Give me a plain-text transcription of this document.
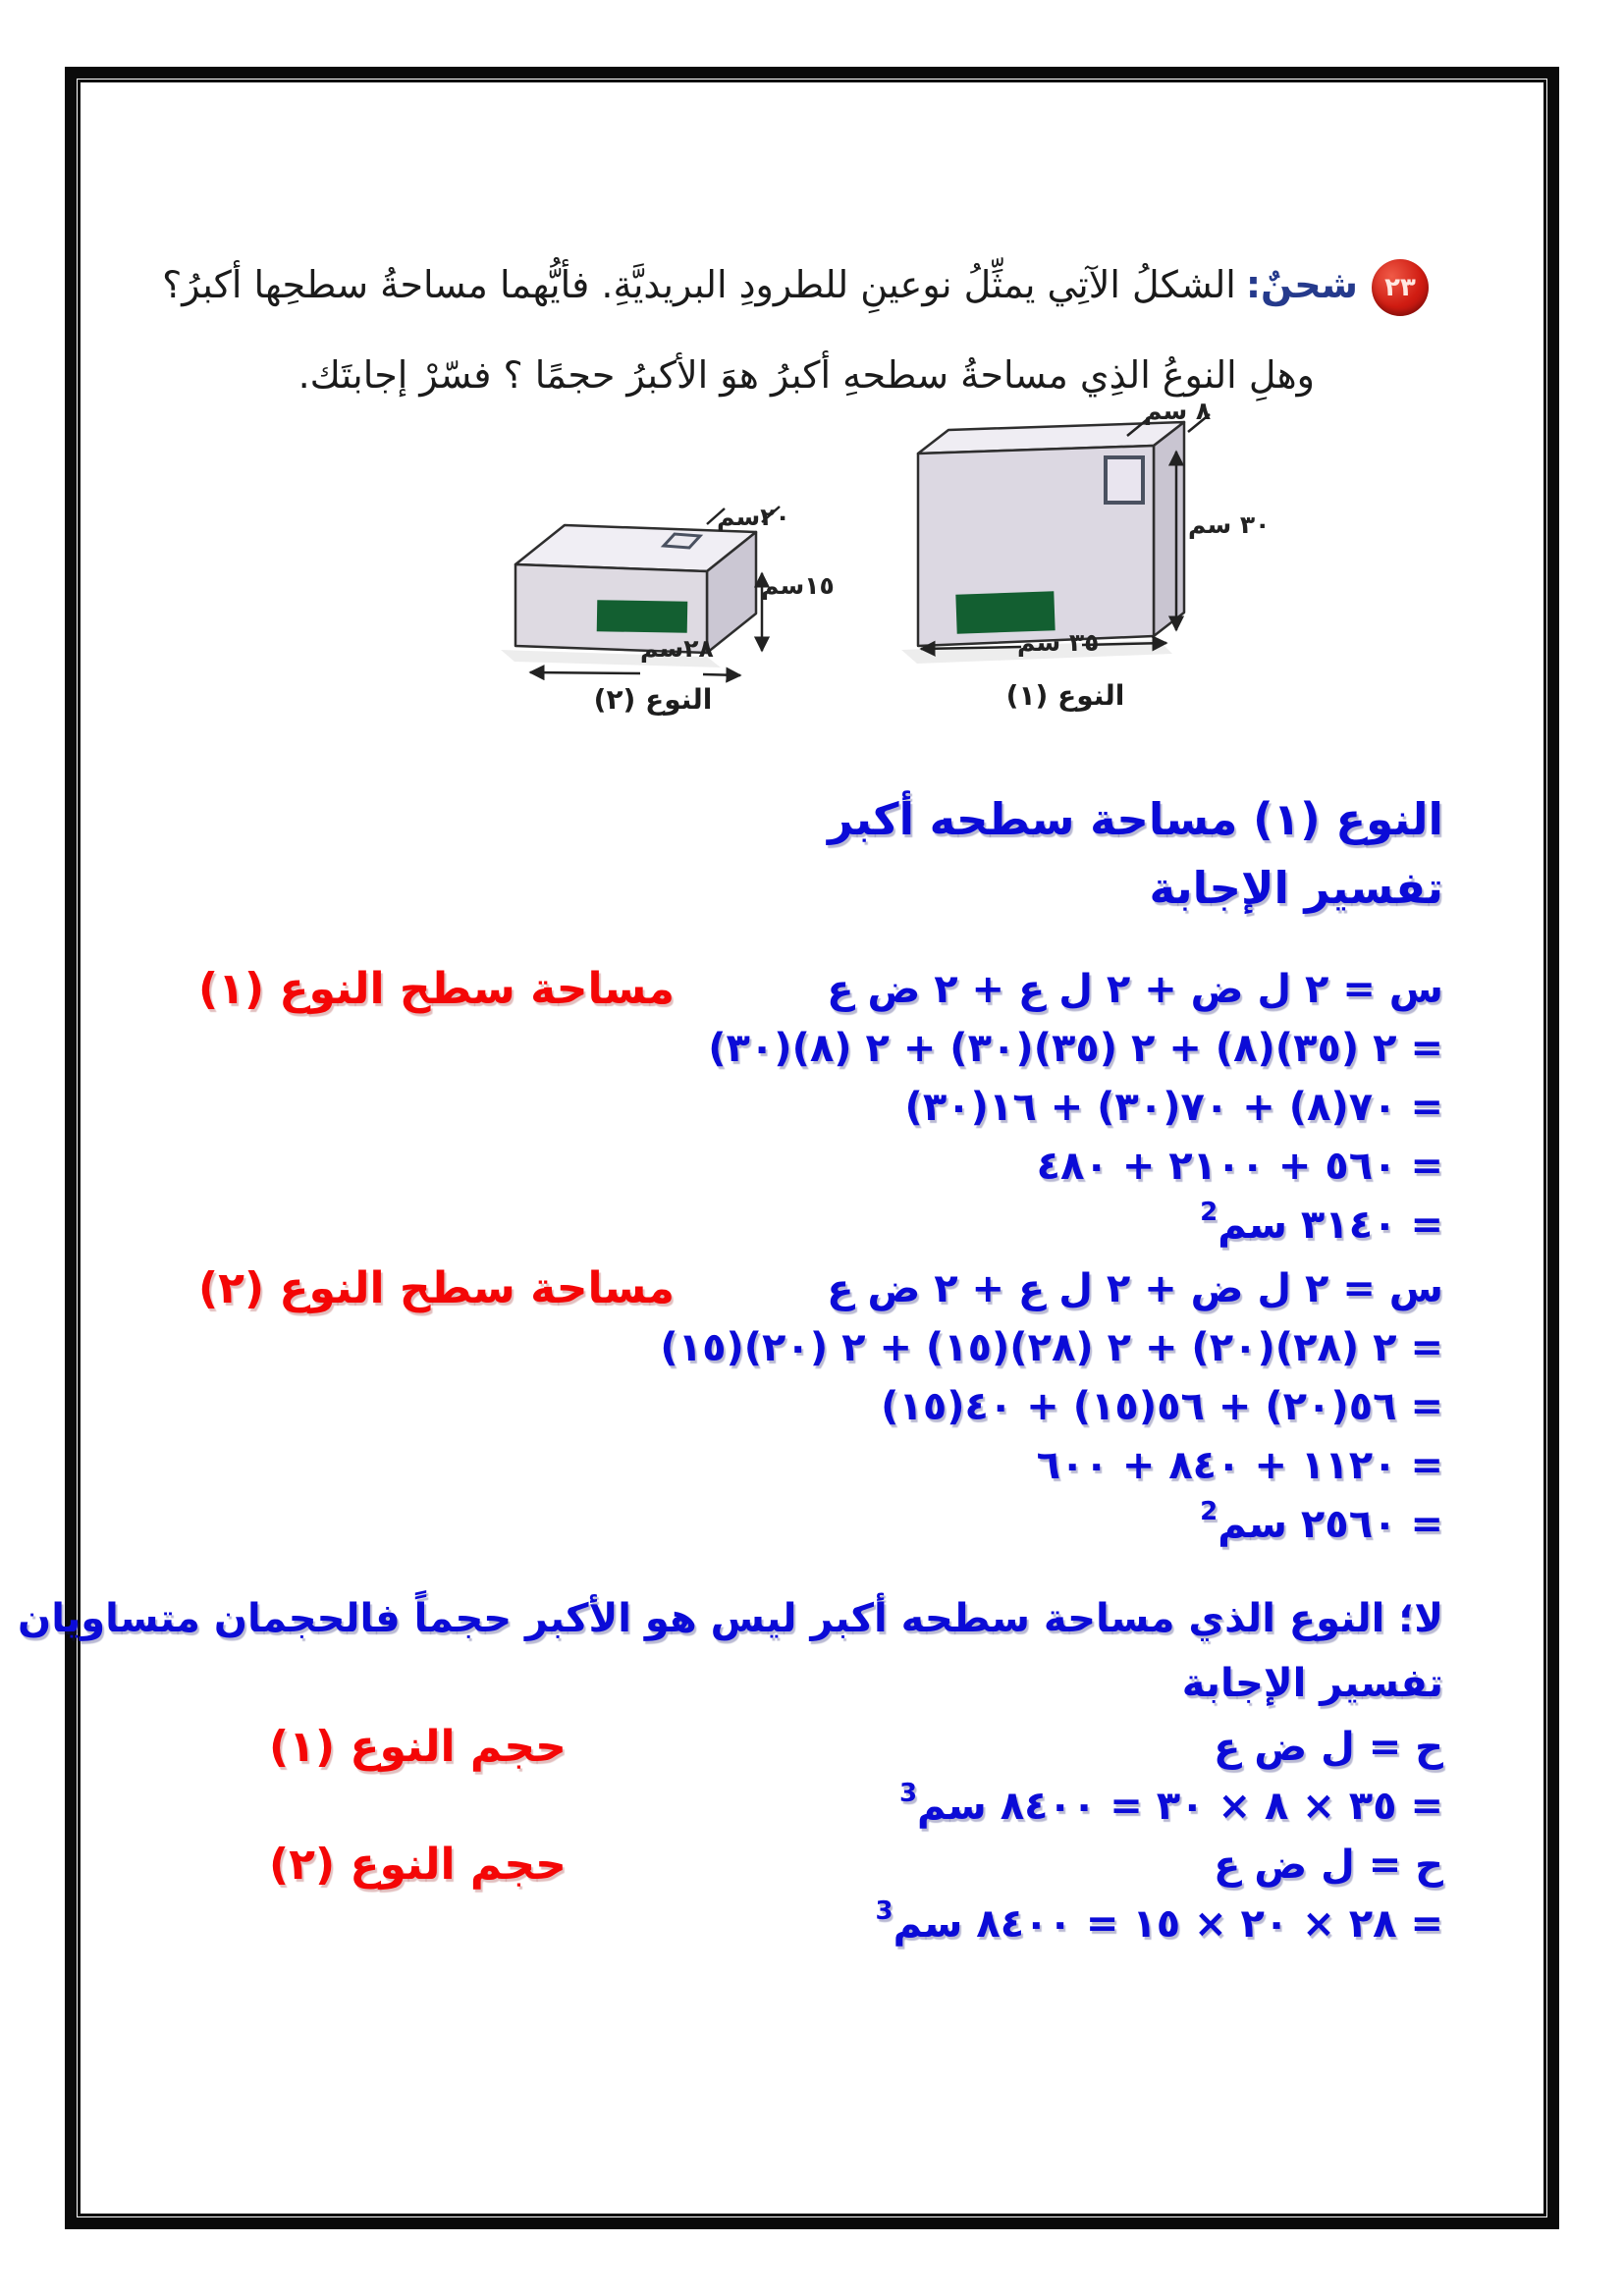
٢٣
شحنٌ:الشكلُ الآتِي يمثِّلُ نوعينِ للطرودِ البريديَّةِ. فأيُّهما مساحةُ سطحِها أكبرُ؟
وهلِ النوعُ الذِي مساحةُ سطحهِ أكبرُ هوَ الأكبرُ حجمًا ؟ فسّرْ إجابتَك.
٢٠سم
١٥سم
٢٨سم
النوع (٢)
٨ سم
٣٠ سم
٣٥ سم
النوع (١)
النوع (١) مساحة سطحه أكبر
تفسير الإجابة
مساحة سطح النوع (١)	س = ٢ ل ض + ٢ ل ع + ٢ ض ع
= ٢ (٣٥)(٨) + ٢ (٣٥)(٣٠) + ٢ (٨)(٣٠)
= ٧٠(٨) + ٧٠(٣٠) + ١٦(٣٠)
= ٥٦٠ + ٢١٠٠ + ٤٨٠
= ٣١٤٠ سم$^2$
مساحة سطح النوع (٢)	س = ٢ ل ض + ٢ ل ع + ٢ ض ع
= ٢ (٢٨)(٢٠) + ٢ (٢٨)(١٥) + ٢ (٢٠)(١٥)
= ٥٦(٢٠) + ٥٦(١٥) + ٤٠(١٥)
= ١١٢٠ + ٨٤٠ + ٦٠٠
= ٢٥٦٠ سم$^2$
لا؛ النوع الذي مساحة سطحه أكبر ليس هو الأكبر حجماً فالحجمان متساويان
تفسير الإجابة
حجم النوع (١)	ح = ل ض ع
= ٣٥ × ٨ × ٣٠ = ٨٤٠٠ سم$^3$
حجم النوع (٢)	ح = ل ض ع
= ٢٨ × ٢٠ × ١٥ = ٨٤٠٠ سم$^3$
